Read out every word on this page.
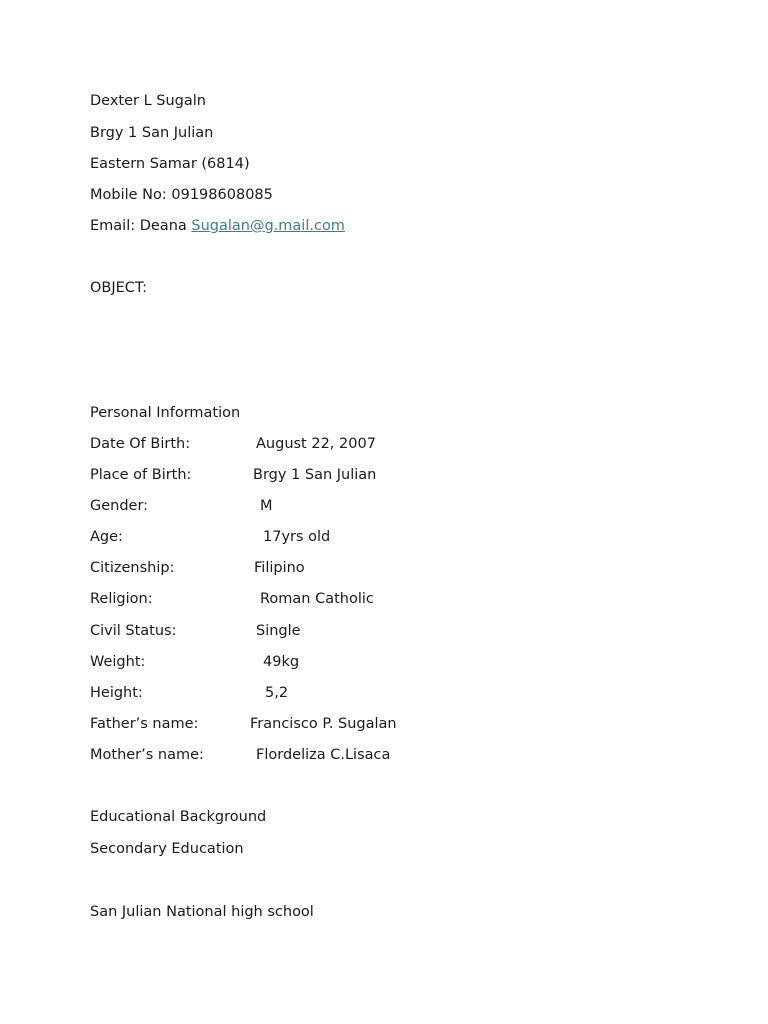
Dexter L Sugaln
Brgy 1 San Julian
Eastern Samar (6814)
Mobile No: 09198608085
Email: Deana Sugalan@g.mail.com
OBJECT:
Personal Information
Date Of Birth:	August 22, 2007
Place of Birth:	Brgy 1 San Julian
Gender:	M
Age:	17yrs old
Citizenship:	Filipino
Religion:	Roman Catholic
Civil Status:	Single
Weight:	49kg
Height:	5,2
Father’s name:	Francisco P. Sugalan
Mother’s name:	Flordeliza C.Lisaca
Educational Background
Secondary Education
San Julian National high school
